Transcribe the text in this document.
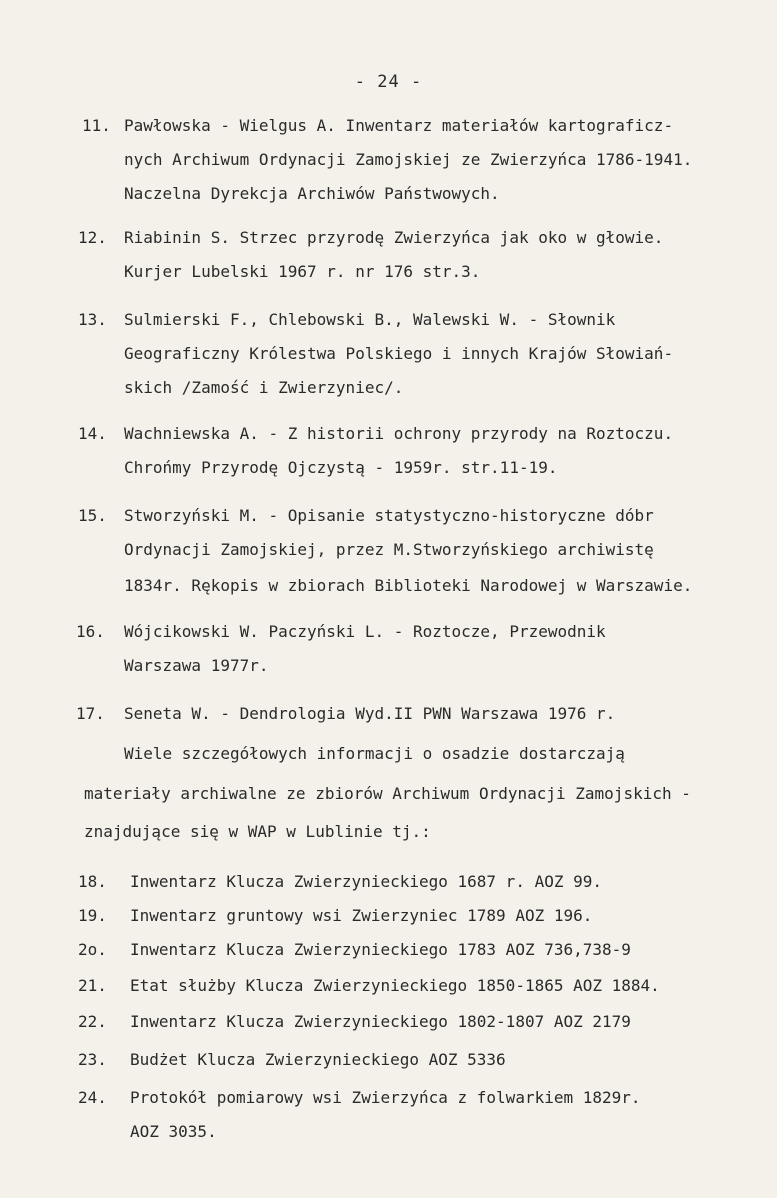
- 24 -
11. Pawłowska - Wielgus A. Inwentarz materiałów kartograficz-
nych Archiwum Ordynacji Zamojskiej ze Zwierzyńca 1786-1941.
Naczelna Dyrekcja Archiwów Państwowych.
12. Riabinin S. Strzec przyrodę Zwierzyńca jak oko w głowie.
Kurjer Lubelski 1967 r. nr 176 str.3.
13. Sulmierski F., Chlebowski B., Walewski W. - Słownik
Geograficzny Królestwa Polskiego i innych Krajów Słowiań-
skich /Zamość i Zwierzyniec/.
14. Wachniewska A. - Z historii ochrony przyrody na Roztoczu.
Chrońmy Przyrodę Ojczystą - 1959r. str.11-19.
15. Stworzyński M. - Opisanie statystyczno-historyczne dóbr
Ordynacji Zamojskiej, przez M.Stworzyńskiego archiwistę
1834r. Rękopis w zbiorach Biblioteki Narodowej w Warszawie.
16. Wójcikowski W. Paczyński L. - Roztocze, Przewodnik
Warszawa 1977r.
17. Seneta W. - Dendrologia Wyd.II PWN Warszawa 1976 r.
Wiele szczegółowych informacji o osadzie dostarczają
materiały archiwalne ze zbiorów Archiwum Ordynacji Zamojskich -
znajdujące się w WAP w Lublinie tj.:
18. Inwentarz Klucza Zwierzynieckiego 1687 r. AOZ 99.
19. Inwentarz gruntowy wsi Zwierzyniec 1789 AOZ 196.
2o. Inwentarz Klucza Zwierzynieckiego 1783 AOZ 736,738-9
21. Etat służby Klucza Zwierzynieckiego 1850-1865 AOZ 1884.
22. Inwentarz Klucza Zwierzynieckiego 1802-1807 AOZ 2179
23. Budżet Klucza Zwierzynieckiego AOZ 5336
24. Protokół pomiarowy wsi Zwierzyńca z folwarkiem 1829r.
AOZ 3035.
